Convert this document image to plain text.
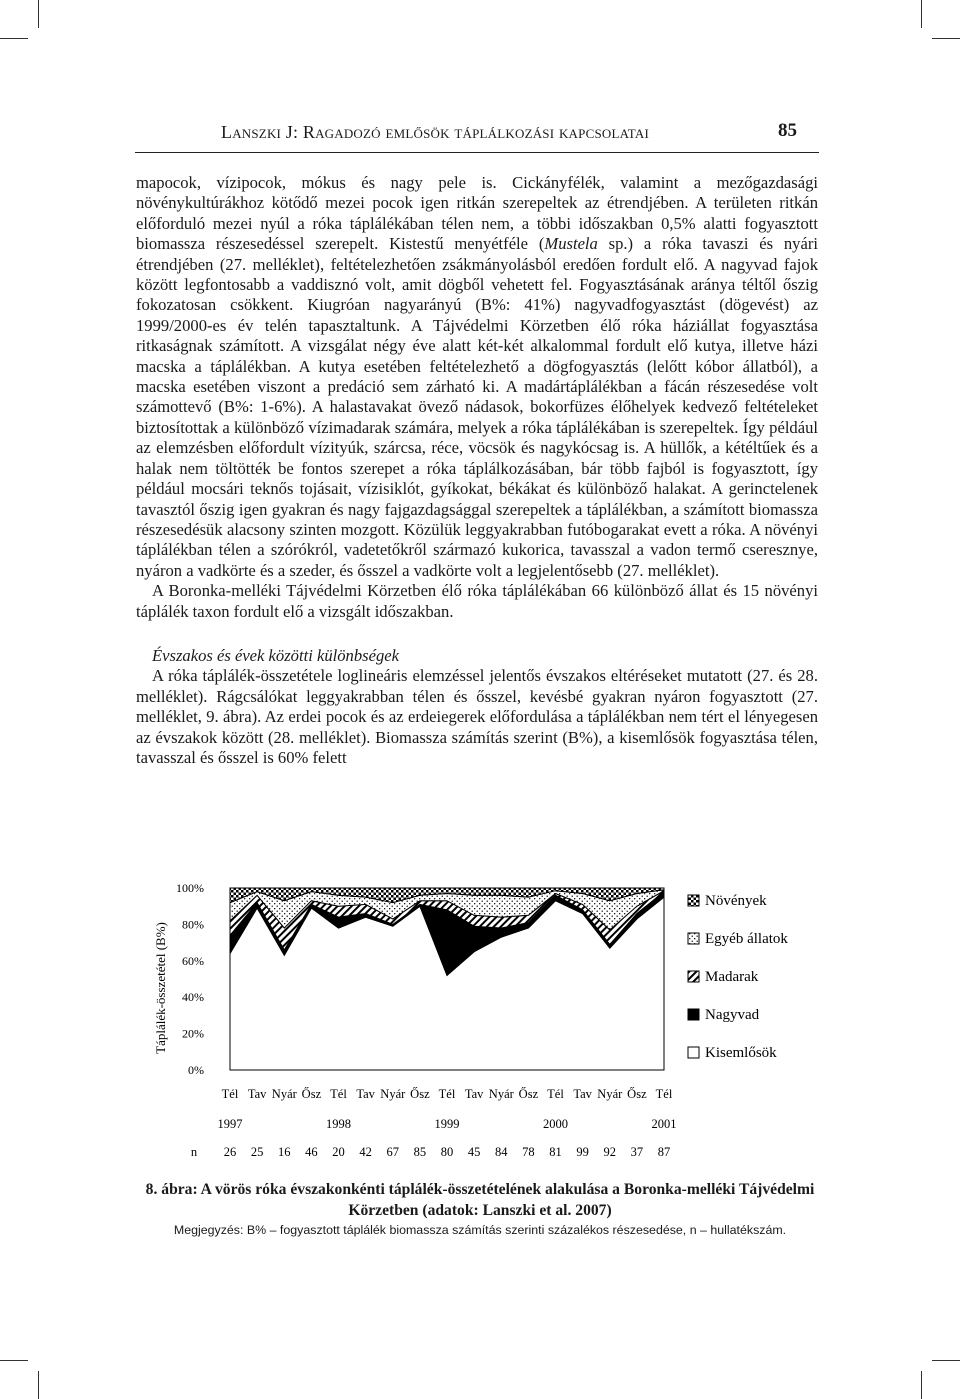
Lanszki J: Ragadozó emlősök táplálkozási kapcsolatai	85

mapocok, vízipocok, mókus és nagy pele is. Cickányfélék, valamint a mezőgazdasági növénykultúrákhoz kötődő mezei pocok igen ritkán szerepeltek az étrendjében. A területen ritkán előforduló mezei nyúl a róka táplálékában télen nem, a többi időszakban 0,5% alatti fogyasztott biomassza részesedéssel szerepelt. Kistestű menyétféle (Mustela sp.) a róka tavaszi és nyári étrendjében (27. melléklet), feltételezhetően zsákmányolásból eredően fordult elő. A nagyvad fajok között legfontosabb a vaddisznó volt, amit dögből vehetett fel. Fogyasztásának aránya téltől őszig fokozatosan csökkent. Kiugróan nagyarányú (B%: 41%) nagyvadfogyasztást (dögevést) az 1999/2000-es év telén tapasztaltunk. A Tájvédelmi Körzetben élő róka háziállat fogyasztása ritkaságnak számított. A vizsgálat négy éve alatt két-két alkalommal fordult elő kutya, illetve házi macska a táplálékban. A kutya esetében feltételezhető a dögfogyasztás (lelőtt kóbor állatból), a macska esetében viszont a predáció sem zárható ki. A madártáplálékban a fácán részesedése volt számottevő (B%: 1-6%). A halastavakat övező nádasok, bokorfüzes élőhelyek kedvező feltételeket biztosítottak a különböző vízimadarak számára, melyek a róka táplálékában is szerepeltek. Így például az elemzésben előfordult vízityúk, szárcsa, réce, vöcsök és nagykócsag is. A hüllők, a kétéltűek és a halak nem töltötték be fontos szerepet a róka táplálkozásában, bár több fajból is fogyasztott, így például mocsári teknős tojásait, vízisiklót, gyíkokat, békákat és különböző halakat. A gerinctelenek tavasztól őszig igen gyakran és nagy fajgazdagsággal szerepeltek a táplálékban, a számított biomassza részesedésük alacsony szinten mozgott. Közülük leggyakrabban futóbogarakat evett a róka. A növényi táplálékban télen a szórókról, vadetetőkről származó kukorica, tavasszal a vadon termő cseresznye, nyáron a vadkörte és a szeder, és ősszel a vadkörte volt a legjelentősebb (27. melléklet).

A Boronka-melléki Tájvédelmi Körzetben élő róka táplálékában 66 különböző állat és 15 növényi táplálék taxon fordult elő a vizsgált időszakban.

Évszakos és évek közötti különbségek

A róka táplálék-összetétele loglineáris elemzéssel jelentős évszakos eltéréseket mutatott (27. és 28. melléklet). Rágcsálókat leggyakrabban télen és ősszel, kevésbé gyakran nyáron fogyasztott (27. melléklet, 9. ábra). Az erdei pocok és az erdeiegerek előfordulása a táplálékban nem tért el lényegesen az évszakok között (28. melléklet). Biomassza számítás szerint (B%), a kisemlősök fogyasztása télen, tavasszal és ősszel is 60% felett

100%
80%
60%
40%
20%
0%
Tél Tav Nyár Ősz Tél Tav Nyár Ősz Tél Tav Nyár Ősz Tél Tav Nyár Ősz Tél
1997	1998	1999	2000	2001
n 26 25 16 46 20 42 67 85 80 45 84 78 81 99 92 37 87
Növények
Egyéb állatok
Madarak
Nagyvad
Kisemlősök
Táplálék-összetétel (B%)
8. ábra: A vörös róka évszakonkénti táplálék-összetételének alakulása a Boronka-melléki Tájvédelmi Körzetben (adatok: Lanszki et al. 2007)
Megjegyzés: B% – fogyasztott táplálék biomassza számítás szerinti százalékos részesedése, n – hullatékszám.
